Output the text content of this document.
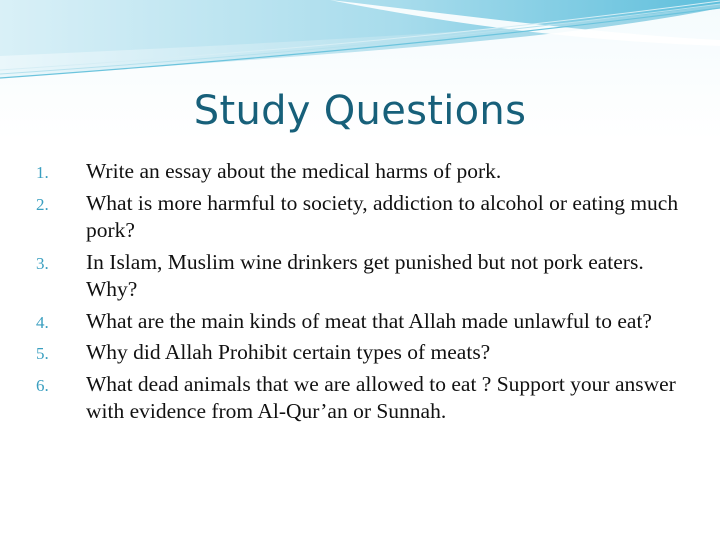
Study Questions
1.	Write an essay about the medical harms of pork.
2.	What is more harmful to society, addiction to alcohol or eating much pork?
3.	In Islam, Muslim wine drinkers get punished but not pork eaters. Why?
4.	What are the main kinds of meat that Allah made unlawful to eat?
5.	Why did Allah Prohibit certain types of meats?
6.	What dead animals that we are allowed to eat ? Support your answer with evidence from Al-Qur’an or Sunnah.
